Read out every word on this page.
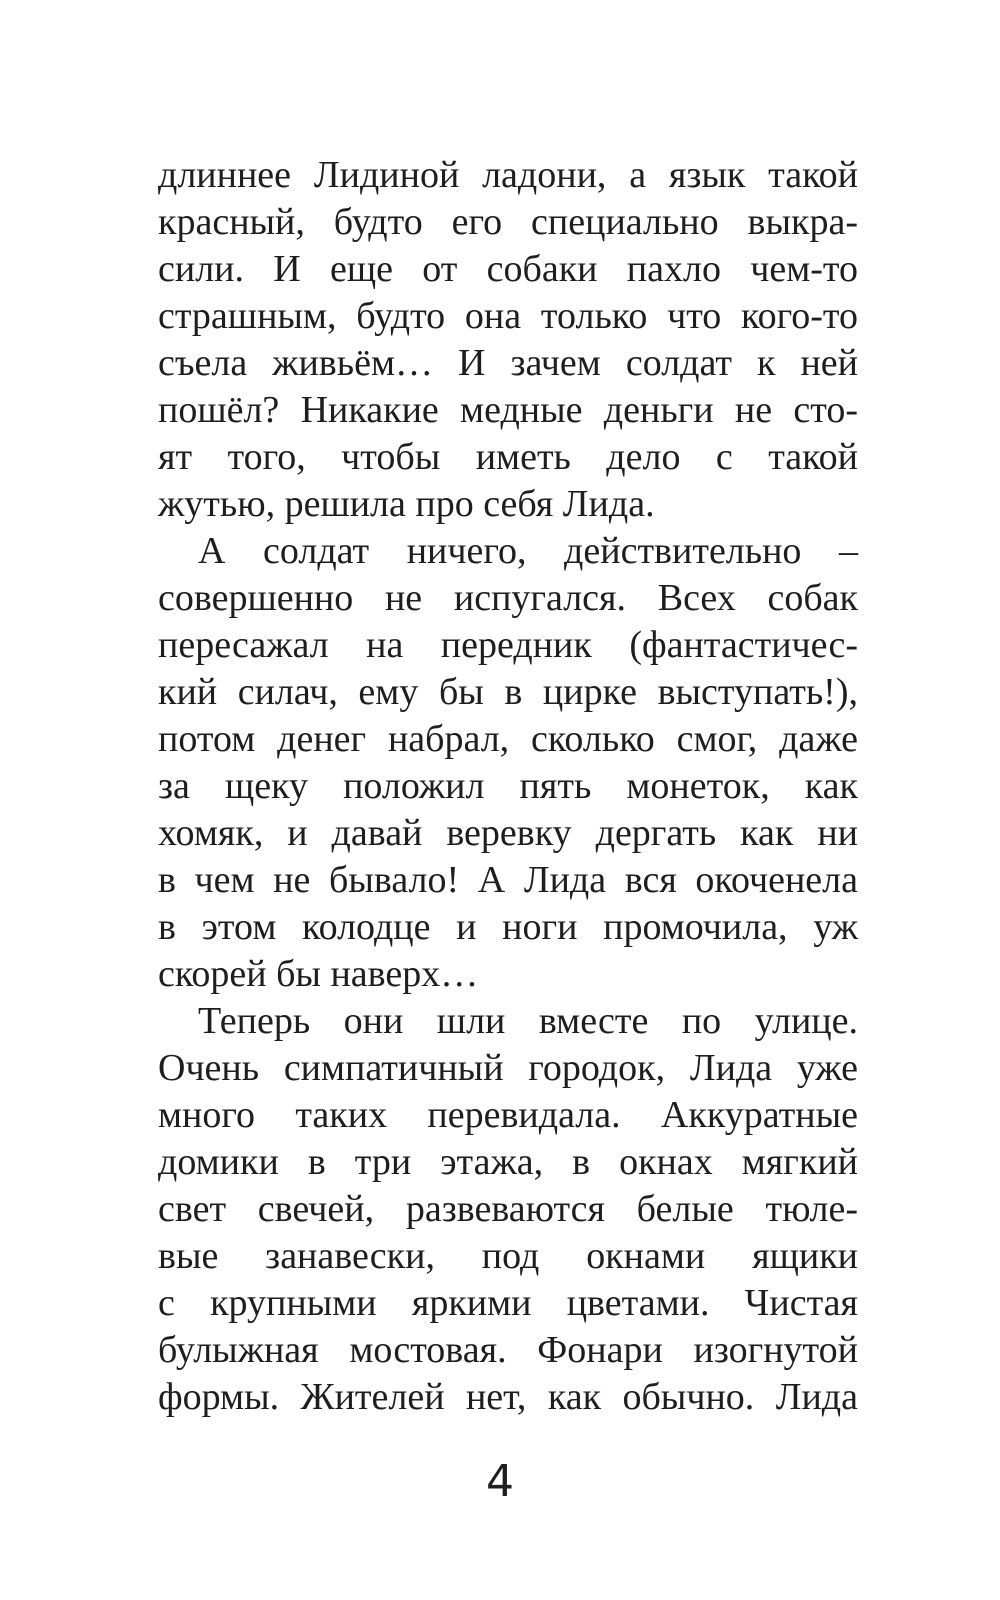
длиннее Лидиной ладони, а язык такой
красный, будто его специально выкра-
сили. И еще от собаки пахло чем-то
страшным, будто она только что кого-то
съела живьём… И зачем солдат к ней
пошёл? Никакие медные деньги не сто-
ят того, чтобы иметь дело с такой
жутью, решила про себя Лида.
А солдат ничего, действительно –
совершенно не испугался. Всех собак
пересажал на передник (фантастичес-
кий силач, ему бы в цирке выступать!),
потом денег набрал, сколько смог, даже
за щеку положил пять монеток, как
хомяк, и давай веревку дергать как ни
в чем не бывало! А Лида вся окоченела
в этом колодце и ноги промочила, уж
скорей бы наверх…
Теперь они шли вместе по улице.
Очень симпатичный городок, Лида уже
много таких перевидала. Аккуратные
домики в три этажа, в окнах мягкий
свет свечей, развеваются белые тюле-
вые занавески, под окнами ящики
с крупными яркими цветами. Чистая
булыжная мостовая. Фонари изогнутой
формы. Жителей нет, как обычно. Лида
4
